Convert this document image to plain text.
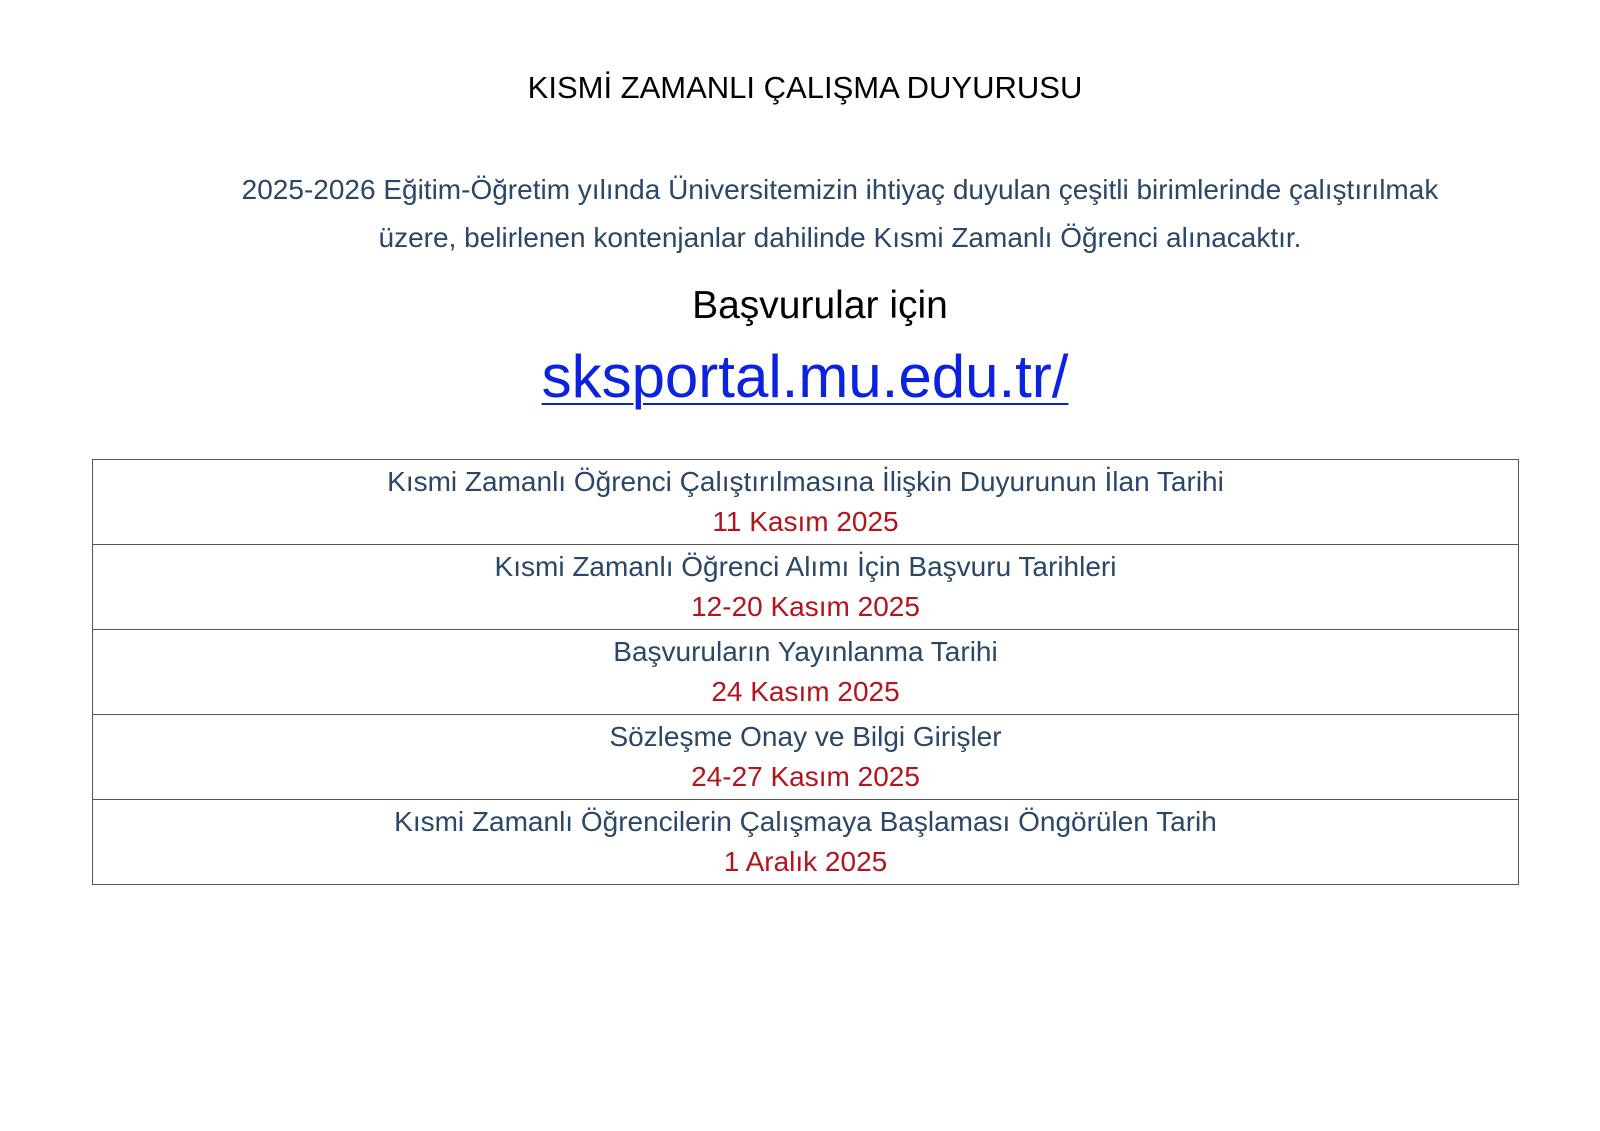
KISMİ ZAMANLI ÇALIŞMA DUYURUSU
2025-2026 Eğitim-Öğretim yılında Üniversitemizin ihtiyaç duyulan çeşitli birimlerinde çalıştırılmak
üzere, belirlenen kontenjanlar dahilinde Kısmi Zamanlı Öğrenci alınacaktır.
Başvurular için
sksportal.mu.edu.tr/
Kısmi Zamanlı Öğrenci Çalıştırılmasına İlişkin Duyurunun İlan Tarihi
11 Kasım 2025

Kısmi Zamanlı Öğrenci Alımı İçin Başvuru Tarihleri
12-20 Kasım 2025

Başvuruların Yayınlanma Tarihi
24 Kasım 2025

Sözleşme Onay ve Bilgi Girişler
24-27 Kasım 2025

Kısmi Zamanlı Öğrencilerin Çalışmaya Başlaması Öngörülen Tarih
1 Aralık 2025
